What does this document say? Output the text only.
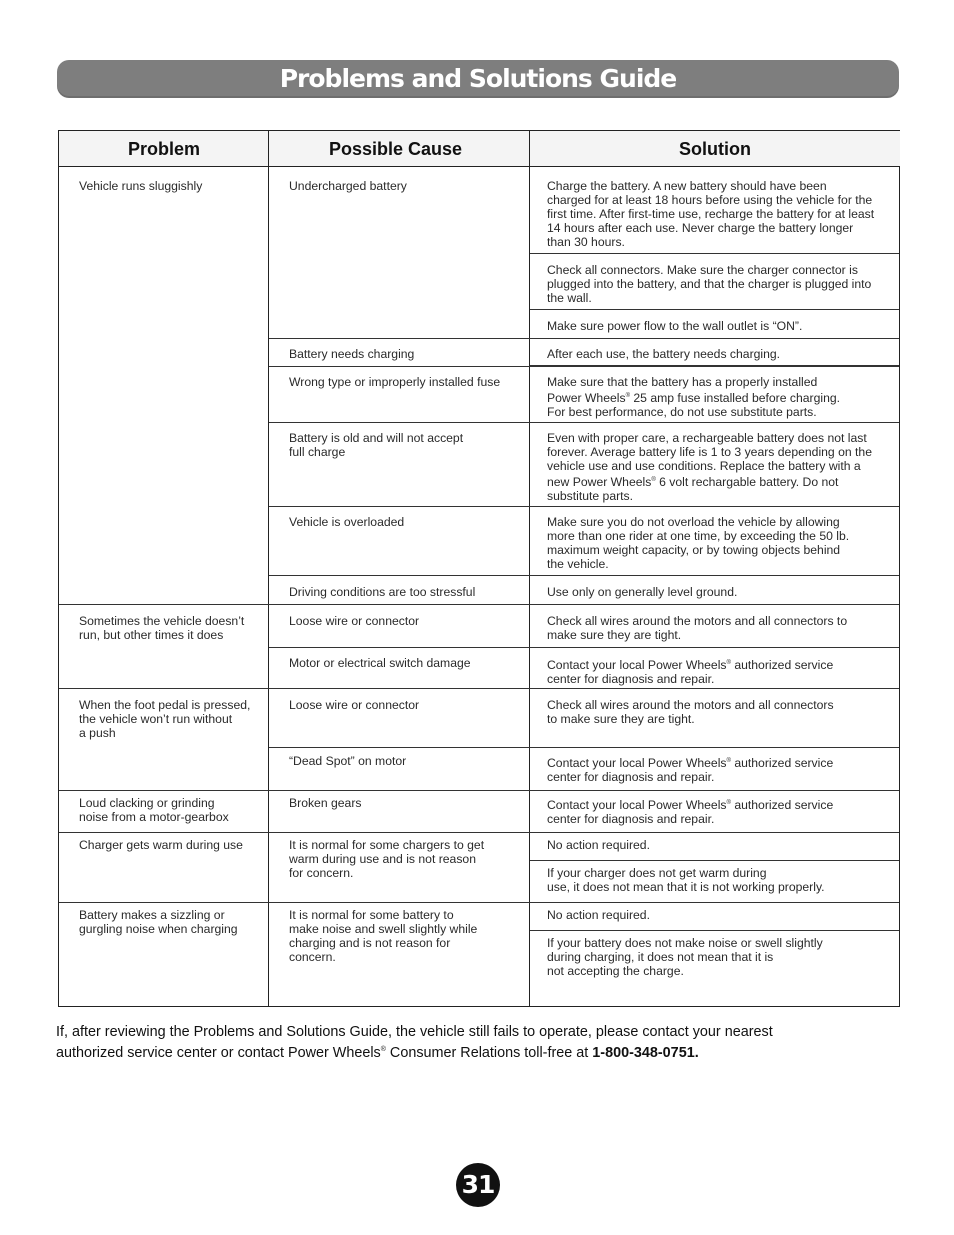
Problems and Solutions Guide
Problem	Possible Cause	Solution
Vehicle runs sluggishly
Sometimes the vehicle doesn’t
run, but other times it does
When the foot pedal is pressed,
the vehicle won’t run without
a push
Loud clacking or grinding
noise from a motor-gearbox
Charger gets warm during use
Battery makes a sizzling or
gurgling noise when charging
Undercharged battery
Battery needs charging
Wrong type or improperly installed fuse
Battery is old and will not accept
full charge
Vehicle is overloaded
Driving conditions are too stressful
Loose wire or connector
Motor or electrical switch damage
Loose wire or connector
“Dead Spot” on motor
Broken gears
It is normal for some chargers to get
warm during use and is not reason
for concern.
It is normal for some battery to
make noise and swell slightly while
charging and is not reason for
concern.
Charge the battery. A new battery should have been
charged for at least 18 hours before using the vehicle for the
first time. After first-time use, recharge the battery for at least
14 hours after each use. Never charge the battery longer
than 30 hours.
Check all connectors. Make sure the charger connector is
plugged into the battery, and that the charger is plugged into
the wall.
Make sure power flow to the wall outlet is “ON”.
After each use, the battery needs charging.
Make sure that the battery has a properly installed
Power Wheels® 25 amp fuse installed before charging.
For best performance, do not use substitute parts.
Even with proper care, a rechargeable battery does not last
forever. Average battery life is 1 to 3 years depending on the
vehicle use and use conditions. Replace the battery with a
new Power Wheels® 6 volt rechargable battery. Do not
substitute parts.
Make sure you do not overload the vehicle by allowing
more than one rider at one time, by exceeding the 50 lb.
maximum weight capacity, or by towing objects behind
the vehicle.
Use only on generally level ground.
Check all wires around the motors and all connectors to
make sure they are tight.
Contact your local Power Wheels® authorized service
center for diagnosis and repair.
Check all wires around the motors and all connectors
to make sure they are tight.
Contact your local Power Wheels® authorized service
center for diagnosis and repair.
Contact your local Power Wheels® authorized service
center for diagnosis and repair.
No action required.
If your charger does not get warm during
use, it does not mean that it is not working properly.
No action required.
If your battery does not make noise or swell slightly
during charging, it does not mean that it is
not accepting the charge.
If, after reviewing the Problems and Solutions Guide, the vehicle still fails to operate, please contact your nearest
authorized service center or contact Power Wheels® Consumer Relations toll-free at 1-800-348-0751.
31
